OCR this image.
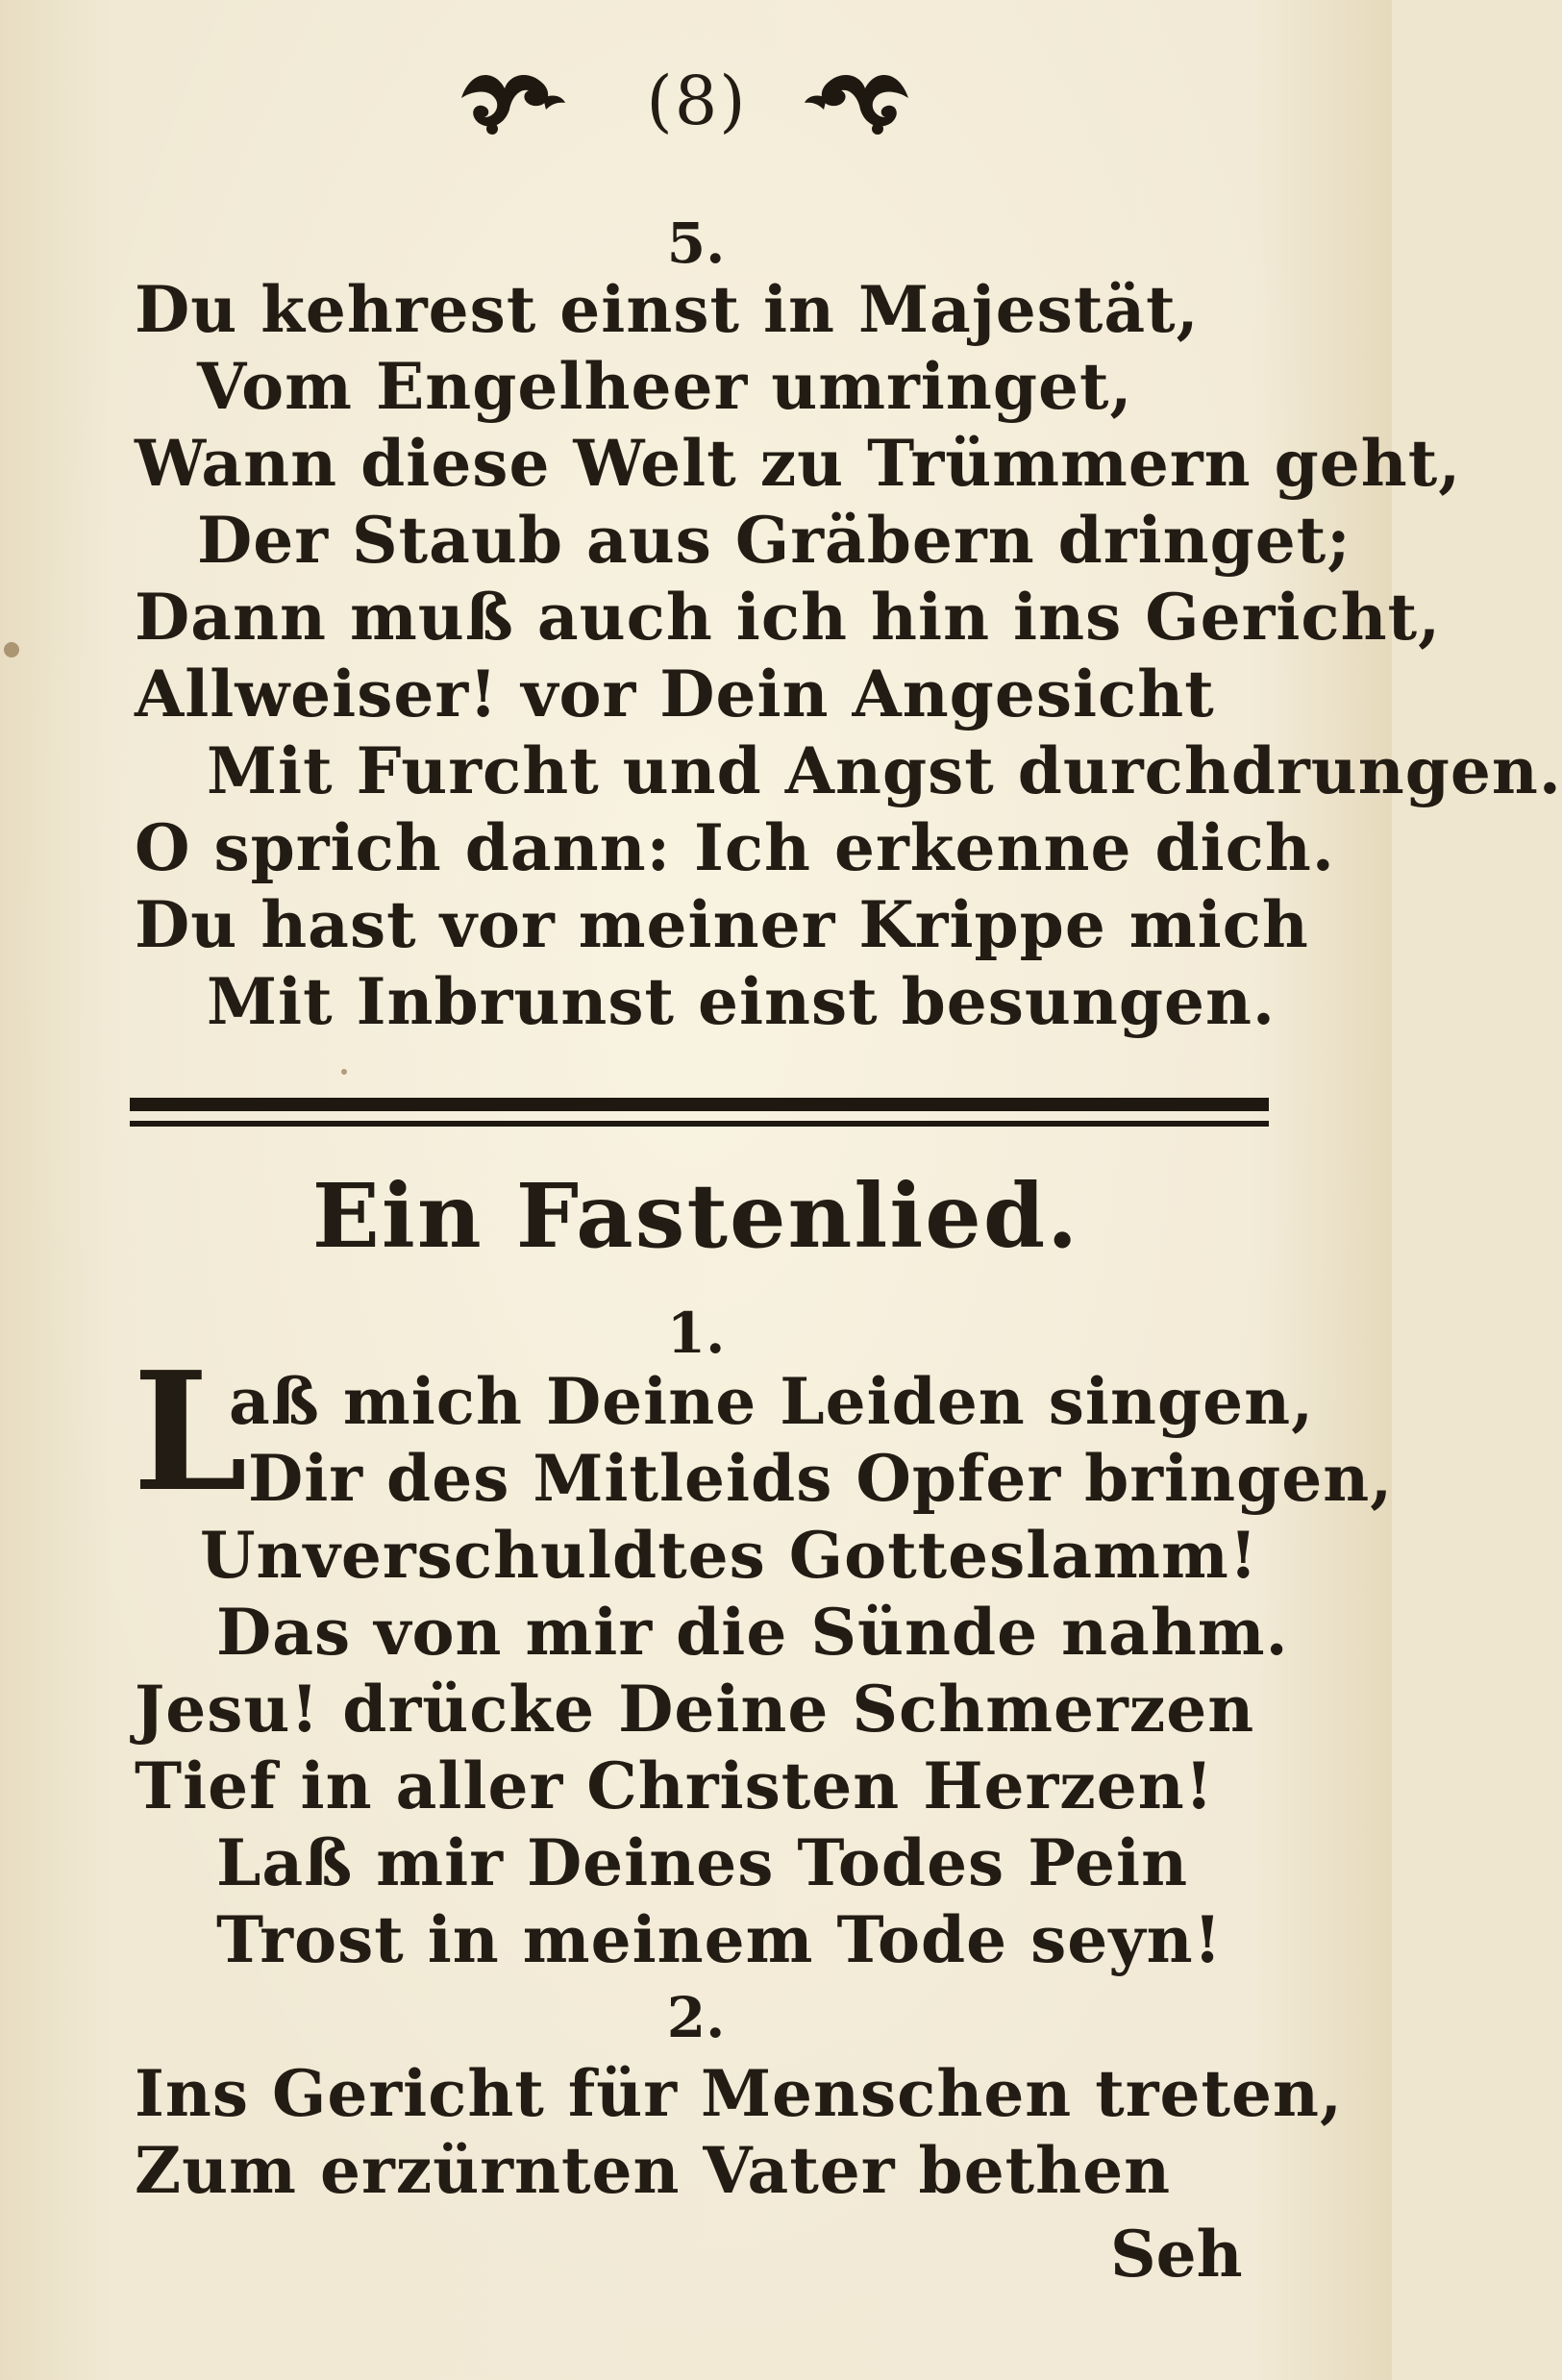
(8)
5.
Du kehrest einst in Majestät,
Vom Engelheer umringet,
Wann diese Welt zu Trümmern geht,
Der Staub aus Gräbern dringet;
Dann muß auch ich hin ins Gericht,
Allweiser! vor Dein Angesicht
Mit Furcht und Angst durchdrungen.
O sprich dann: Ich erkenne dich.
Du hast vor meiner Krippe mich
Mit Inbrunst einst besungen.
Ein Fastenlied.
1.
L
aß mich Deine Leiden singen,
Dir des Mitleids Opfer bringen,
Unverschuldtes Gotteslamm!
Das von mir die Sünde nahm.
Jesu! drücke Deine Schmerzen
Tief in aller Christen Herzen!
Laß mir Deines Todes Pein
Trost in meinem Tode seyn!
2.
Ins Gericht für Menschen treten,
Zum erzürnten Vater bethen
Seh
